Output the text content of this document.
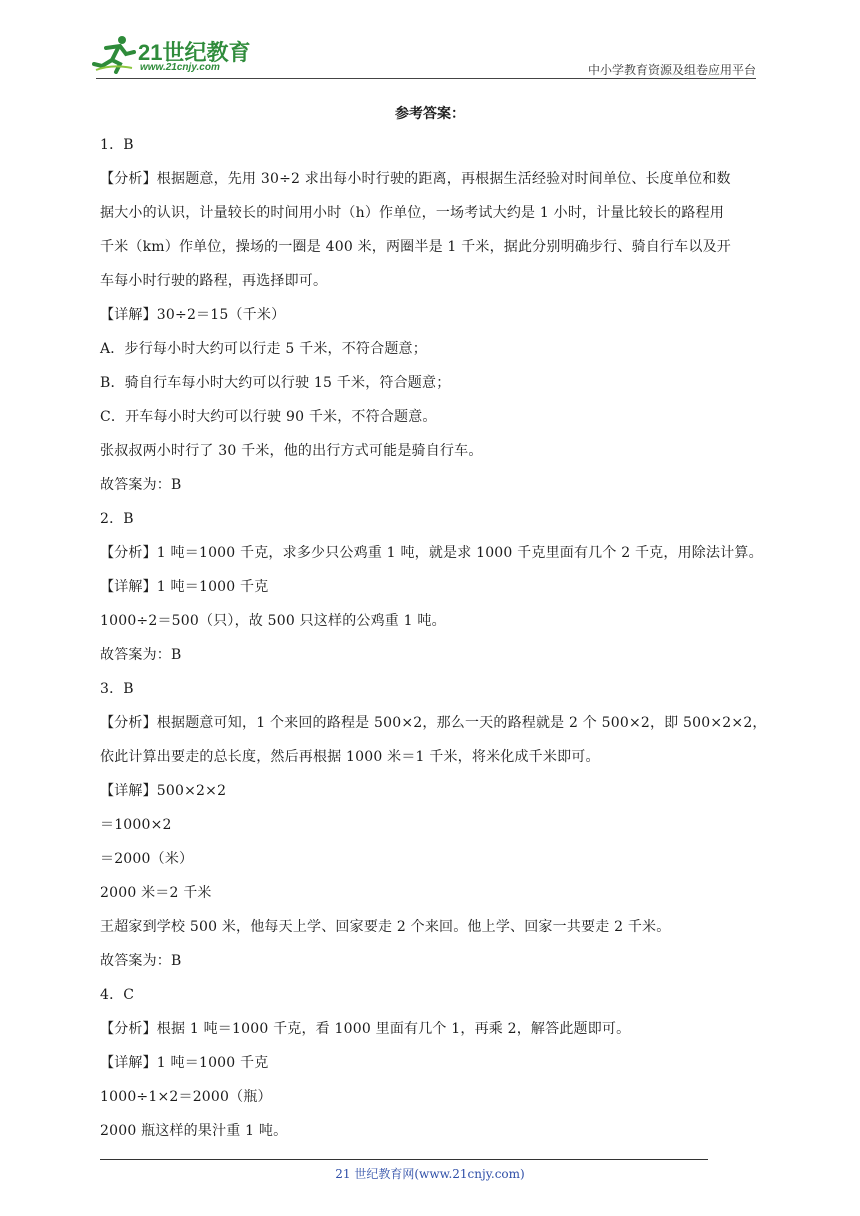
21世纪教育
www.21cnjy.com	中小学教育资源及组卷应用平台
参考答案：
1．B
【分析】根据题意，先用 30÷2 求出每小时行驶的距离，再根据生活经验对时间单位、长度单位和数
据大小的认识，计量较长的时间用小时（h）作单位，一场考试大约是 1 小时，计量比较长的路程用
千米（km）作单位，操场的一圈是 400 米，两圈半是 1 千米，据此分别明确步行、骑自行车以及开
车每小时行驶的路程，再选择即可。
【详解】30÷2＝15（千米）
A．步行每小时大约可以行走 5 千米，不符合题意；
B．骑自行车每小时大约可以行驶 15 千米，符合题意；
C．开车每小时大约可以行驶 90 千米，不符合题意。
张叔叔两小时行了 30 千米，他的出行方式可能是骑自行车。
故答案为：B
2．B
【分析】1 吨＝1000 千克，求多少只公鸡重 1 吨，就是求 1000 千克里面有几个 2 千克，用除法计算。
【详解】1 吨＝1000 千克
1000÷2＝500（只），故 500 只这样的公鸡重 1 吨。
故答案为：B
3．B
【分析】根据题意可知，1 个来回的路程是 500×2，那么一天的路程就是 2 个 500×2，即 500×2×2，
依此计算出要走的总长度，然后再根据 1000 米＝1 千米，将米化成千米即可。
【详解】500×2×2
＝1000×2
＝2000（米）
2000 米＝2 千米
王超家到学校 500 米，他每天上学、回家要走 2 个来回。他上学、回家一共要走 2 千米。
故答案为：B
4．C
【分析】根据 1 吨＝1000 千克，看 1000 里面有几个 1，再乘 2，解答此题即可。
【详解】1 吨＝1000 千克
1000÷1×2＝2000（瓶）
2000 瓶这样的果汁重 1 吨。
21 世纪教育网(www.21cnjy.com)
